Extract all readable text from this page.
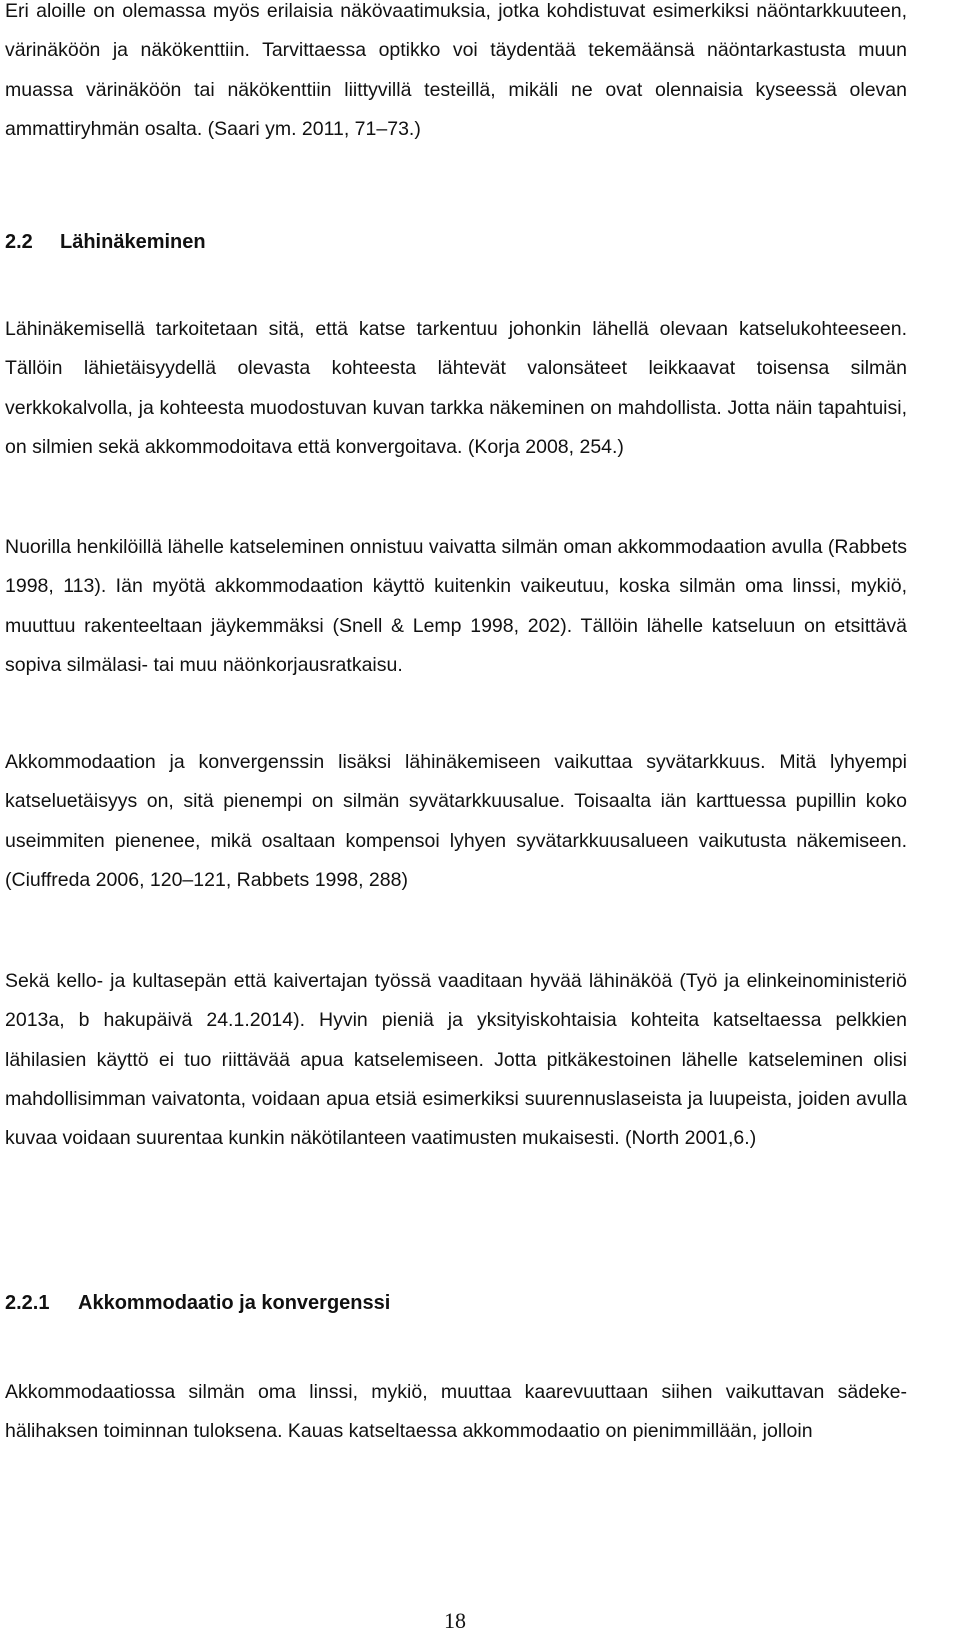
Eri aloille on olemassa myös erilaisia näkövaatimuksia, jotka kohdistuvat esimerkiksi näöntarkkuuteen, värinäköön ja näkökenttiin. Tarvittaessa optikko voi täydentää tekemäänsä näöntarkastusta muun muassa värinäköön tai näkökenttiin liittyvillä testeillä, mikäli ne ovat olennaisia kyseessä olevan ammattiryhmän osalta. (Saari ym. 2011, 71–73.)

2.2 Lähinäkeminen

Lähinäkemisellä tarkoitetaan sitä, että katse tarkentuu johonkin lähellä olevaan katselukohteeseen. Tällöin lähietäisyydellä olevasta kohteesta lähtevät valonsäteet leikkaavat toisensa silmän verkkokalvolla, ja kohteesta muodostuvan kuvan tarkka näkeminen on mahdollista. Jotta näin tapahtuisi, on silmien sekä akkommodoitava että konvergoitava. (Korja 2008, 254.)

Nuorilla henkilöillä lähelle katseleminen onnistuu vaivatta silmän oman akkommodaation avulla (Rabbets 1998, 113). Iän myötä akkommodaation käyttö kuitenkin vaikeutuu, koska silmän oma linssi, mykiö, muuttuu rakenteeltaan jäykemmäksi (Snell & Lemp 1998, 202). Tällöin lähelle katseluun on etsittävä sopiva silmälasi- tai muu näönkorjausratkaisu.

Akkommodaation ja konvergenssin lisäksi lähinäkemiseen vaikuttaa syvätarkkuus. Mitä lyhyempi katseluetäisyys on, sitä pienempi on silmän syvätarkkuusalue. Toisaalta iän karttuessa pupillin koko useimmiten pienenee, mikä osaltaan kompensoi lyhyen syvätarkkuusalueen vaikutusta näkemiseen. (Ciuffreda 2006, 120–121, Rabbets 1998, 288)

Sekä kello- ja kultasepän että kaivertajan työssä vaaditaan hyvää lähinäköä (Työ ja elinkeinoministeriö 2013a, b hakupäivä 24.1.2014). Hyvin pieniä ja yksityiskohtaisia kohteita katseltaessa pelkkien lähilasien käyttö ei tuo riittävää apua katselemiseen. Jotta pitkäkestoinen lähelle katseleminen olisi mahdollisimman vaivatonta, voidaan apua etsiä esimerkiksi suurennuslaseista ja luupeista, joiden avulla kuvaa voidaan suurentaa kunkin näkötilanteen vaatimusten mukaisesti. (North 2001,6.)

2.2.1 Akkommodaatio ja konvergenssi

Akkommodaatiossa silmän oma linssi, mykiö, muuttaa kaarevuuttaan siihen vaikuttavan sädekehälihaksen toiminnan tuloksena. Kauas katseltaessa akkommodaatio on pienimmillään, jolloin

18
